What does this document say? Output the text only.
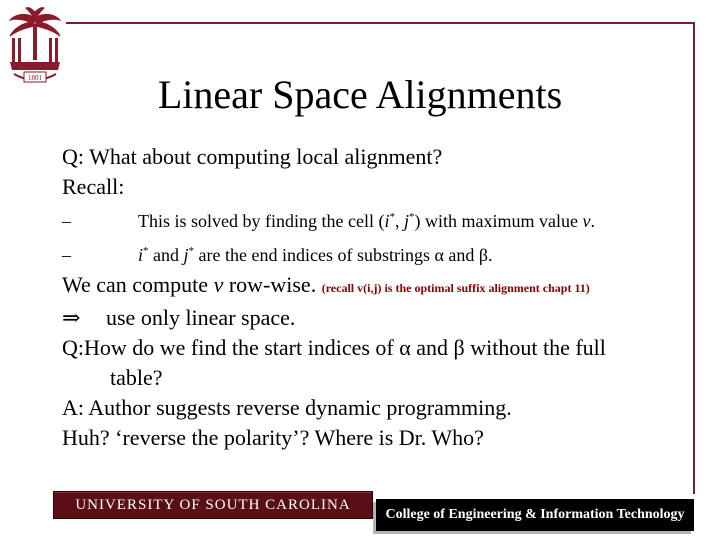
1801	Linear Space Alignments
Q: What about computing local alignment?
Recall:
–	This is solved by finding the cell (i*, j*) with maximum value v.
–	i* and j* are the end indices of substrings α and β.
We can compute v row-wise. (recall v(i,j) is the optimal suffix alignment chapt 11)
⇒ use only linear space.
Q:How do we find the start indices of α and β without the full
table?
A: Author suggests reverse dynamic programming.
Huh? ‘reverse the polarity’? Where is Dr. Who?
UNIVERSITY OF SOUTH CAROLINA
College of Engineering & Information Technology
